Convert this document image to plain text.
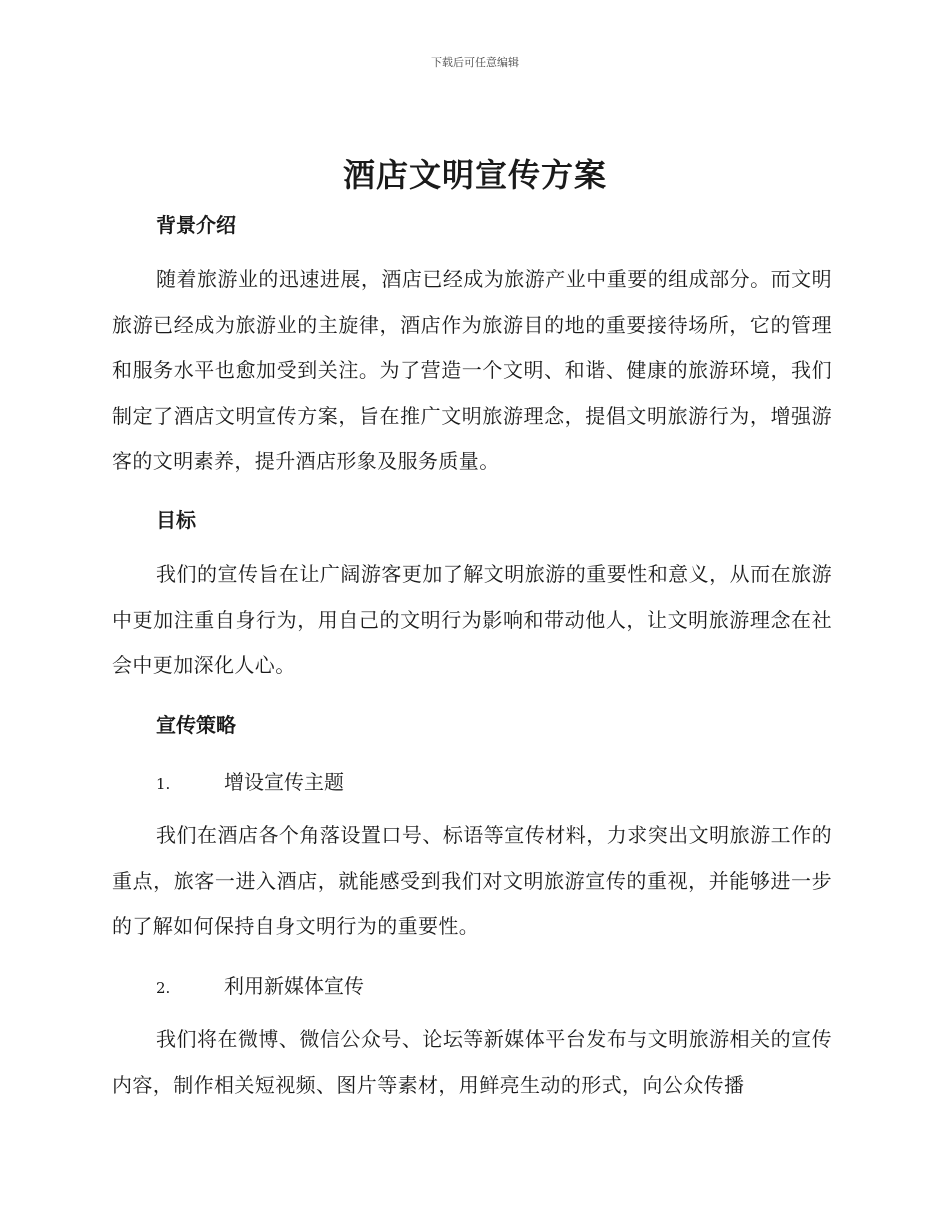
下载后可任意编辑
酒店文明宣传方案
背景介绍
随着旅游业的迅速进展，酒店已经成为旅游产业中重要的组成部分。而文明旅游已经成为旅游业的主旋律，酒店作为旅游目的地的重要接待场所，它的管理和服务水平也愈加受到关注。为了营造一个文明、和谐、健康的旅游环境，我们制定了酒店文明宣传方案，旨在推广文明旅游理念，提倡文明旅游行为，增强游客的文明素养，提升酒店形象及服务质量。
目标
我们的宣传旨在让广阔游客更加了解文明旅游的重要性和意义，从而在旅游中更加注重自身行为，用自己的文明行为影响和带动他人，让文明旅游理念在社会中更加深化人心。
宣传策略
1.	增设宣传主题
我们在酒店各个角落设置口号、标语等宣传材料，力求突出文明旅游工作的重点，旅客一进入酒店，就能感受到我们对文明旅游宣传的重视，并能够进一步的了解如何保持自身文明行为的重要性。
2.	利用新媒体宣传
我们将在微博、微信公众号、论坛等新媒体平台发布与文明旅游相关的宣传内容，制作相关短视频、图片等素材，用鲜亮生动的形式，向公众传播
